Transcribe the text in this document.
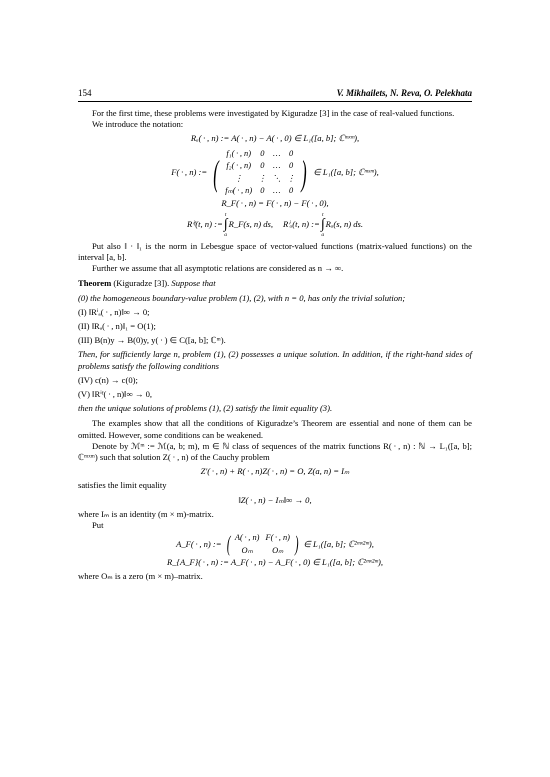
154	V. Mikhailets, N. Reva, O. Pelekhata

For the first time, these problems were investigated by Kiguradze [3] in the case of real-valued functions.

We introduce the notation:

Rₐ( · , n) := A( · , n) − A( · , 0) ∈ L₁([a, b]; ℂᵐˣᵐ),

F( · , n) := ( f₁( · , n)	0	…	0
f₂( · , n)	0	…	0
⋮	⋮	⋱	⋮
fₘ( · , n)	0	…	0 ) ∈ L₁([a, b]; ℂᵐˣᵐ),

R_F( · , n) = F( · , n) − F( · , 0),

Rⁱᶠ(t, n) :=
t
∫
a
R_F(s, n) ds, Rⁱₐ(t, n) :=
t
∫
a
Rₐ(s, n) ds.

Put also ‖ · ‖₁ is the norm in Lebesgue space of vector-valued functions (matrix-valued functions) on the interval [a, b].

Further we assume that all asymptotic relations are considered as n → ∞.

Theorem (Kiguradze [3]). Suppose that

(0) the homogeneous boundary-value problem (1), (2), with n = 0, has only the trivial solution;

(I) ‖Rⁱₐ( · , n)‖∞ → 0;

(II) ‖Rₐ( · , n)‖₁ = O(1);

(III) B(n)y → B(0)y, y( · ) ∈ C([a, b]; ℂᵐ).

Then, for sufficiently large n, problem (1), (2) possesses a unique solution. In addition, if the right-hand sides of problems satisfy the following conditions

(IV) c(n) → c(0);

(V) ‖Rⁱᶠ( · , n)‖∞ → 0,

then the unique solutions of problems (1), (2) satisfy the limit equality (3).

The examples show that all the conditions of Kiguradze’s Theorem are essential and none of them can be omitted. However, some conditions can be weakened.

Denote by ℳᵐ := ℳ(a, b; m), m ∈ ℕ class of sequences of the matrix functions R( · , n) : ℕ → L₁([a, b]; ℂᵐˣᵐ) such that solution Z( · , n) of the Cauchy problem

Z′( · , n) + R( · , n)Z( · , n) = O, Z(a, n) = Iₘ

satisfies the limit equality

‖Z( · , n) − Iₘ‖∞ → 0,

where Iₘ is an identity (m × m)-matrix.

Put

A_F( · , n) := ( A( · , n)	F( · , n)
Oₘ	Oₘ ) ∈ L₁([a, b]; ℂ²ᵐˣ²ᵐ),

R_{A_F}( · , n) := A_F( · , n) − A_F( · , 0) ∈ L₁([a, b]; ℂ²ᵐˣ²ᵐ),

where Oₘ is a zero (m × m)–matrix.
